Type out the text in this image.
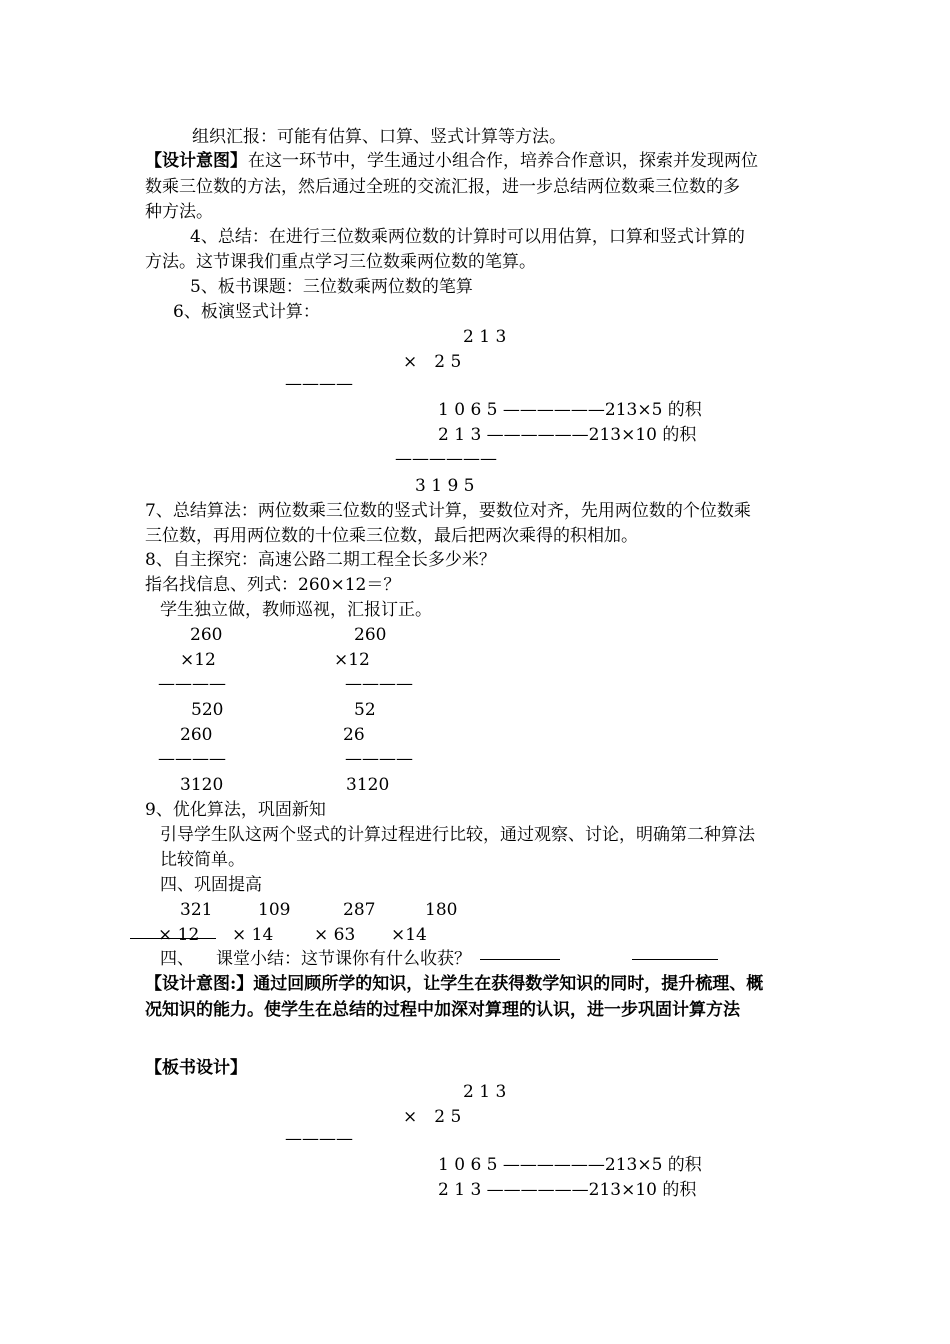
组织汇报：可能有估算、口算、竖式计算等方法。
【设计意图】 在这一环节中，学生通过小组合作，培养合作意识，探索并发现两位
数乘三位数的方法，然后通过全班的交流汇报，进一步总结两位数乘三位数的多
种方法。
4、总结：在进行三位数乘两位数的计算时可以用估算，口算和竖式计算的
方法。这节课我们重点学习三位数乘两位数的笔算。
5、板书课题：三位数乘两位数的笔算
6、板演竖式计算：
2 1 3
×　2 5
————
1 0 6 5 ——————213×5 的积
2 1 3 ——————213×10 的积
——————
3 1 9 5
7、总结算法：两位数乘三位数的竖式计算，要数位对齐，先用两位数的个位数乘
三位数，再用两位数的十位乘三位数，最后把两次乘得的积相加。
8、自主探究：高速公路二期工程全长多少米？
指名找信息、列式：260×12＝？
学生独立做，教师巡视，汇报订正。
260
×12
————
520
260
————
3120
260
×12
————
52
26
————
3120
9、优化算法，巩固新知
引导学生队这两个竖式的计算过程进行比较，通过观察、讨论，明确第二种算法
比较简单。
四、巩固提高
321	109	287	180
× 12 × 14 × 63 ×14
四、 课堂小结：这节课你有什么收获？
【设计意图:】通过回顾所学的知识，让学生在获得数学知识的同时，提升梳理、概
况知识的能力。使学生在总结的过程中加深对算理的认识，进一步巩固计算方法
【板书设计】
2 1 3
×　2 5
————
1 0 6 5 ——————213×5 的积
2 1 3 ——————213×10 的积
